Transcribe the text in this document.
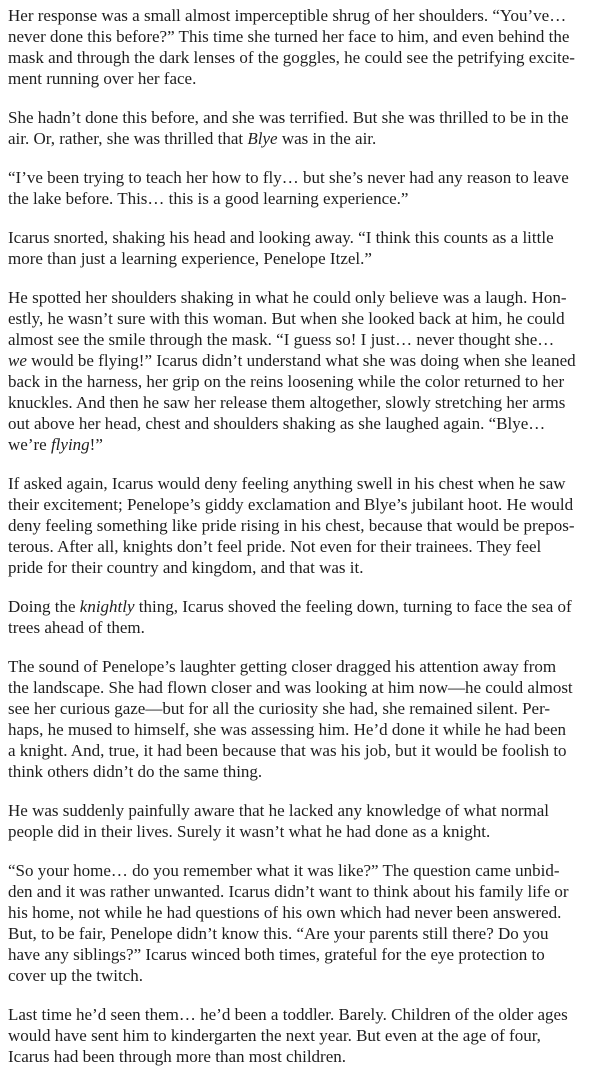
Her response was a small almost imperceptible shrug of her shoulders. “You’ve…
never done this before?” This time she turned her face to him, and even behind the
mask and through the dark lenses of the goggles, he could see the petrifying excite-
ment running over her face.
She hadn’t done this before, and she was terrified. But she was thrilled to be in the
air. Or, rather, she was thrilled that Blye was in the air.
“I’ve been trying to teach her how to fly… but she’s never had any reason to leave
the lake before. This… this is a good learning experience.”
Icarus snorted, shaking his head and looking away. “I think this counts as a little
more than just a learning experience, Penelope Itzel.”
He spotted her shoulders shaking in what he could only believe was a laugh. Hon-
estly, he wasn’t sure with this woman. But when she looked back at him, he could
almost see the smile through the mask. “I guess so! I just… never thought she…
we would be flying!” Icarus didn’t understand what she was doing when she leaned
back in the harness, her grip on the reins loosening while the color returned to her
knuckles. And then he saw her release them altogether, slowly stretching her arms
out above her head, chest and shoulders shaking as she laughed again. “Blye…
we’re flying!”
If asked again, Icarus would deny feeling anything swell in his chest when he saw
their excitement; Penelope’s giddy exclamation and Blye’s jubilant hoot. He would
deny feeling something like pride rising in his chest, because that would be prepos-
terous. After all, knights don’t feel pride. Not even for their trainees. They feel
pride for their country and kingdom, and that was it.
Doing the knightly thing, Icarus shoved the feeling down, turning to face the sea of
trees ahead of them.
The sound of Penelope’s laughter getting closer dragged his attention away from
the landscape. She had flown closer and was looking at him now—he could almost
see her curious gaze—but for all the curiosity she had, she remained silent. Per-
haps, he mused to himself, she was assessing him. He’d done it while he had been
a knight. And, true, it had been because that was his job, but it would be foolish to
think others didn’t do the same thing.
He was suddenly painfully aware that he lacked any knowledge of what normal
people did in their lives. Surely it wasn’t what he had done as a knight.
“So your home… do you remember what it was like?” The question came unbid-
den and it was rather unwanted. Icarus didn’t want to think about his family life or
his home, not while he had questions of his own which had never been answered.
But, to be fair, Penelope didn’t know this. “Are your parents still there? Do you
have any siblings?” Icarus winced both times, grateful for the eye protection to
cover up the twitch.
Last time he’d seen them… he’d been a toddler. Barely. Children of the older ages
would have sent him to kindergarten the next year. But even at the age of four,
Icarus had been through more than most children.
